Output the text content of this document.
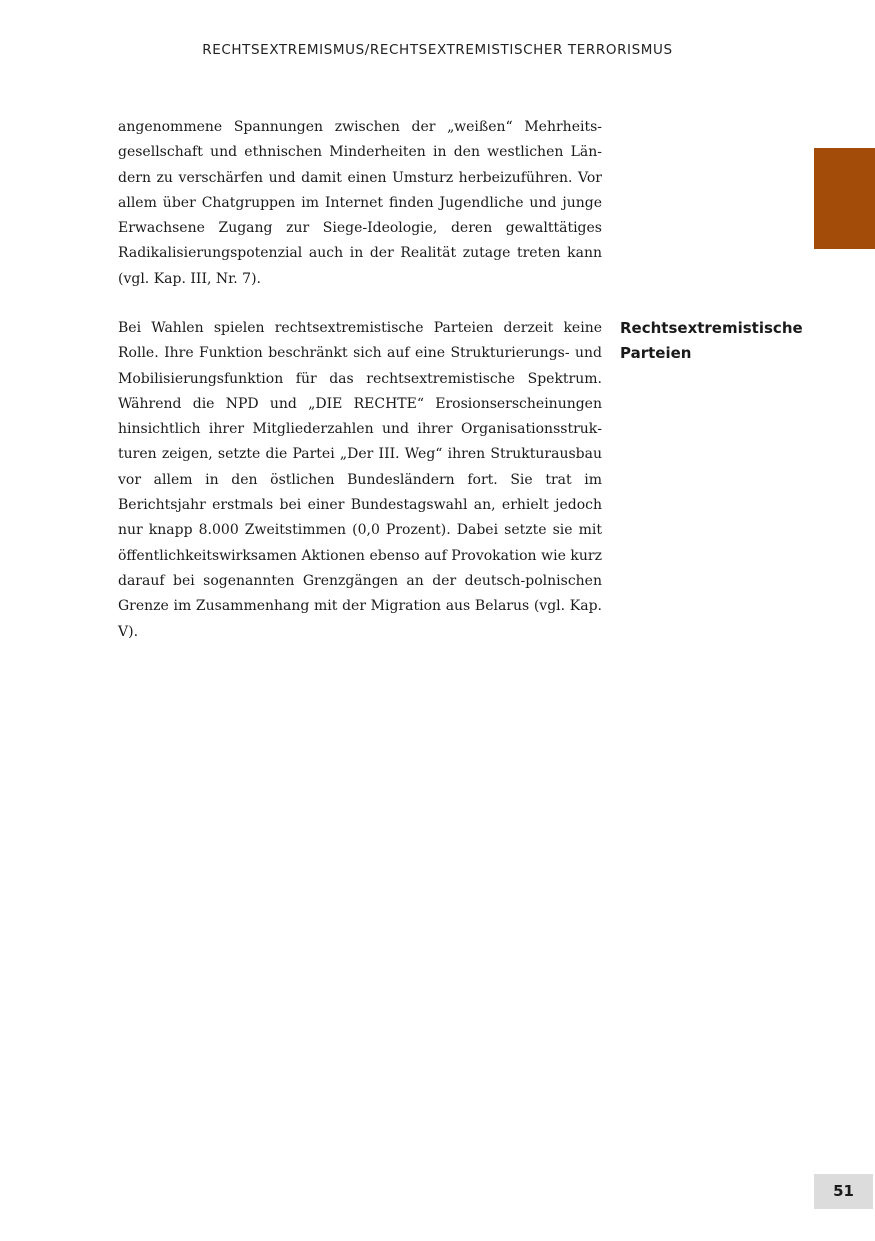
RECHTSEXTREMISMUS/RECHTSEXTREMISTISCHER TERRORISMUS

angenommene Spannungen zwischen der „weißen“ Mehrheitsgesellschaft und ethnischen Minderheiten in den westlichen Ländern zu verschärfen und damit einen Umsturz herbeizuführen. Vor allem über Chatgruppen im Internet finden Jugendliche und junge Erwachsene Zugang zur Siege-Ideologie, deren gewalttätiges Radikalisierungspotenzial auch in der Realität zutage treten kann (vgl. Kap. III, Nr. 7).

Rechtsextremistische
Parteien

Bei Wahlen spielen rechtsextremistische Parteien derzeit keine Rolle. Ihre Funktion beschränkt sich auf eine Strukturierungs- und Mobilisierungsfunktion für das rechtsextremistische Spektrum. Während die NPD und „DIE RECHTE“ Erosionserscheinungen hinsichtlich ihrer Mitgliederzahlen und ihrer Organisationsstrukturen zeigen, setzte die Partei „Der III. Weg“ ihren Strukturausbau vor allem in den östlichen Bundesländern fort. Sie trat im Berichtsjahr erstmals bei einer Bundestagswahl an, erhielt jedoch nur knapp 8.000 Zweitstimmen (0,0 Prozent). Dabei setzte sie mit öffentlichkeitswirksamen Aktionen ebenso auf Provokation wie kurz darauf bei sogenannten Grenzgängen an der deutsch-polnischen Grenze im Zusammenhang mit der Migration aus Belarus (vgl. Kap. V).

51
